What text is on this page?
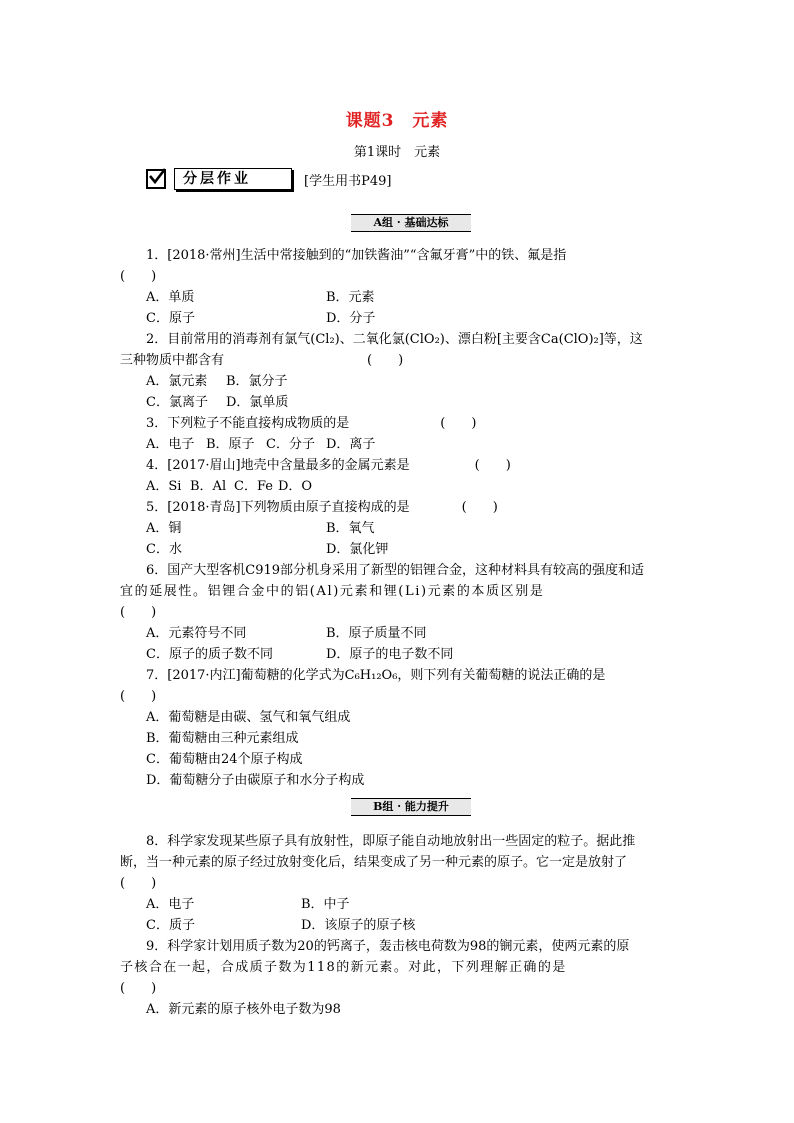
课题3　元素
第1课时　元素
分层作业	[学生用书P49]
A组 · 基础达标
1．[2018·常州]生活中常接触到的“加铁酱油”“含氟牙膏”中的铁、氟是指
(　　)
A．单质	B．元素
C．原子	D．分子
2．目前常用的消毒剂有氯气(Cl₂)、二氧化氯(ClO₂)、漂白粉[主要含Ca(ClO)₂]等，这
三种物质中都含有　　　　　　　　　　　(　　)
A．氯元素 B．氯分子
C．氯离子 D．氯单质
3．下列粒子不能直接构成物质的是　　　　　　　(　　)
A．电子 B．原子 C．分子 D．离子
4．[2017·眉山]地壳中含量最多的金属元素是　　　　　(　　)
A．Si B．Al C．Fe D．O
5．[2018·青岛]下列物质由原子直接构成的是　　　　(　　)
A．铜	B．氧气
C．水	D．氯化钾
6．国产大型客机C919部分机身采用了新型的铝锂合金，这种材料具有较高的强度和适
宜的延展性。铝锂合金中的铝(Al)元素和锂(Li)元素的本质区别是
(　　)
A．元素符号不同	B．原子质量不同
C．原子的质子数不同	D．原子的电子数不同
7．[2017·内江]葡萄糖的化学式为C₆H₁₂O₆，则下列有关葡萄糖的说法正确的是
(　　)
A．葡萄糖是由碳、氢气和氧气组成
B．葡萄糖由三种元素组成
C．葡萄糖由24个原子构成
D．葡萄糖分子由碳原子和水分子构成
B组 · 能力提升
8．科学家发现某些原子具有放射性，即原子能自动地放射出一些固定的粒子。据此推
断，当一种元素的原子经过放射变化后，结果变成了另一种元素的原子。它一定是放射了
(　　)
A．电子	B．中子
C．质子	D．该原子的原子核
9．科学家计划用质子数为20的钙离子，轰击核电荷数为98的锎元素，使两元素的原
子核合在一起，合成质子数为118的新元素。对此，下列理解正确的是
(　　)
A．新元素的原子核外电子数为98
